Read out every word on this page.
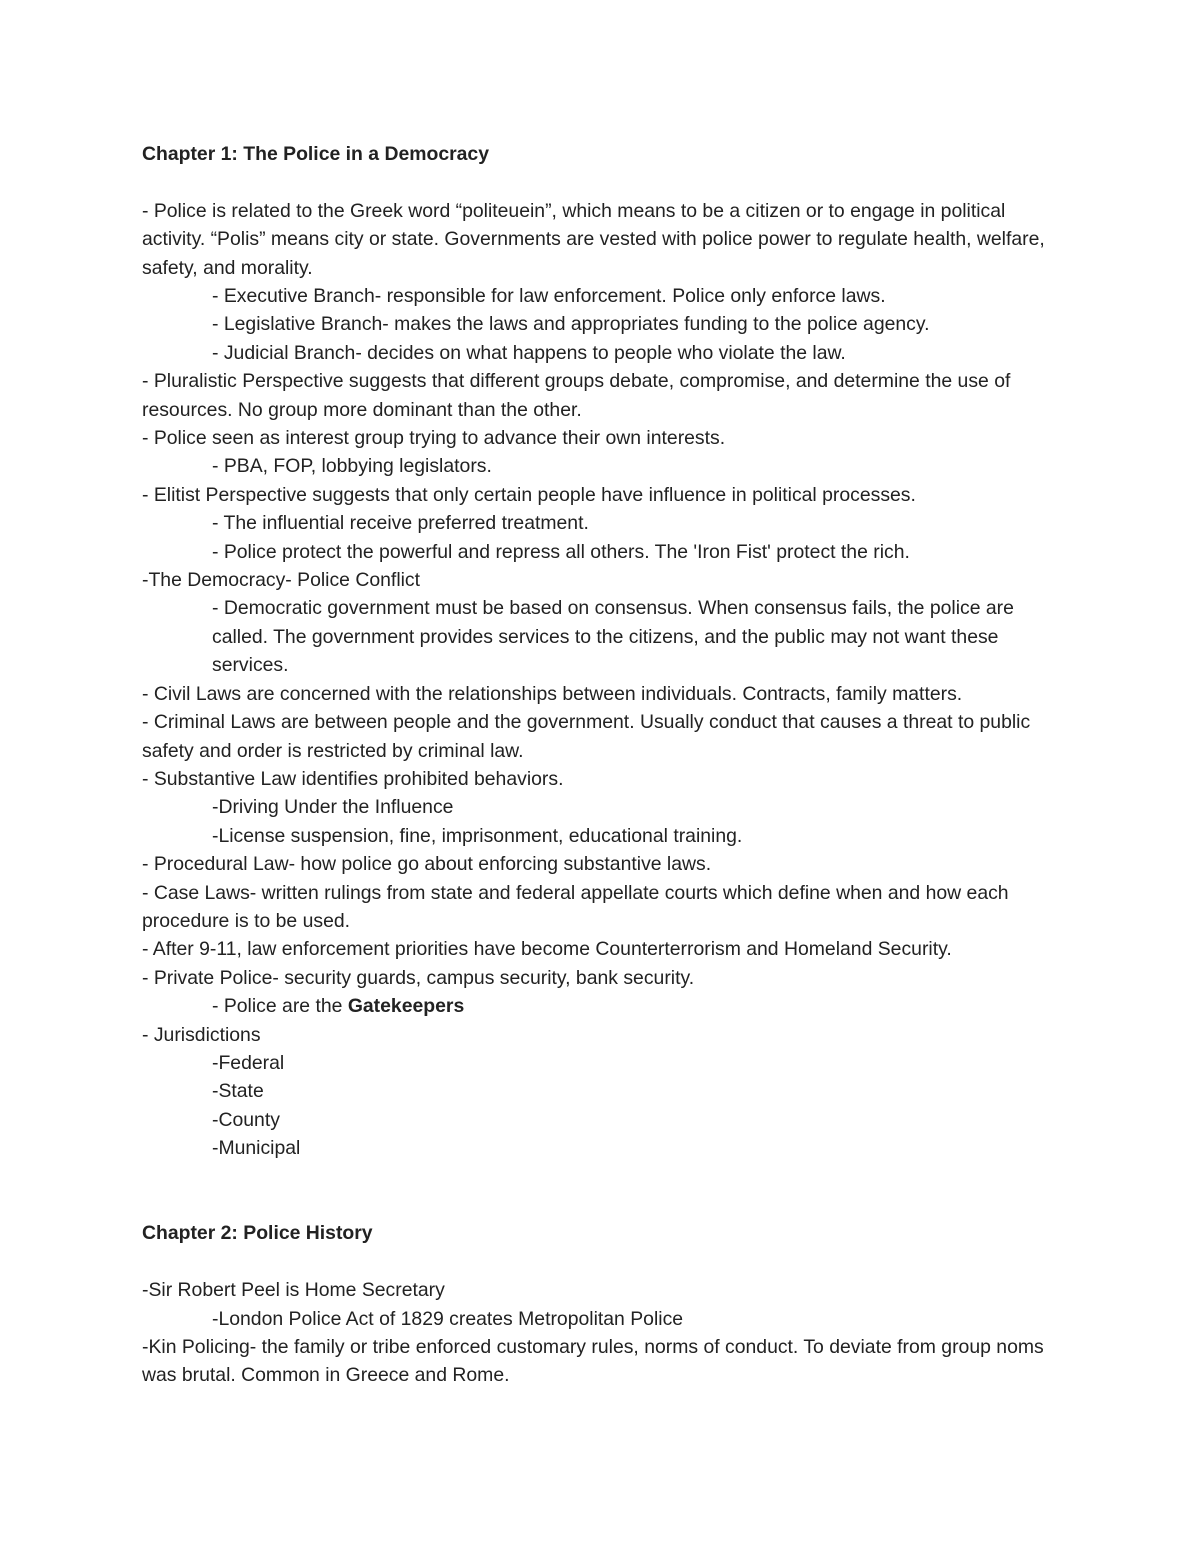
Chapter 1: The Police in a Democracy

- Police is related to the Greek word “politeuein”, which means to be a citizen or to engage in political activity. “Polis” means city or state. Governments are vested with police power to regulate health, welfare, safety, and morality.

- Executive Branch- responsible for law enforcement. Police only enforce laws.

- Legislative Branch- makes the laws and appropriates funding to the police agency.

- Judicial Branch- decides on what happens to people who violate the law.

- Pluralistic Perspective suggests that different groups debate, compromise, and determine the use of resources. No group more dominant than the other.

- Police seen as interest group trying to advance their own interests.

- PBA, FOP, lobbying legislators.

- Elitist Perspective suggests that only certain people have influence in political processes.

- The influential receive preferred treatment.

- Police protect the powerful and repress all others. The 'Iron Fist' protect the rich.

-The Democracy- Police Conflict

- Democratic government must be based on consensus. When consensus fails, the police are called. The government provides services to the citizens, and the public may not want these services.

- Civil Laws are concerned with the relationships between individuals. Contracts, family matters.

- Criminal Laws are between people and the government. Usually conduct that causes a threat to public safety and order is restricted by criminal law.

- Substantive Law identifies prohibited behaviors.

-Driving Under the Influence

-License suspension, fine, imprisonment, educational training.

- Procedural Law- how police go about enforcing substantive laws.

- Case Laws- written rulings from state and federal appellate courts which define when and how each procedure is to be used.

- After 9-11, law enforcement priorities have become Counterterrorism and Homeland Security.

- Private Police- security guards, campus security, bank security.

- Police are the Gatekeepers

- Jurisdictions

-Federal

-State

-County

-Municipal

Chapter 2: Police History

-Sir Robert Peel is Home Secretary

-London Police Act of 1829 creates Metropolitan Police

-Kin Policing- the family or tribe enforced customary rules, norms of conduct. To deviate from group noms was brutal. Common in Greece and Rome.
